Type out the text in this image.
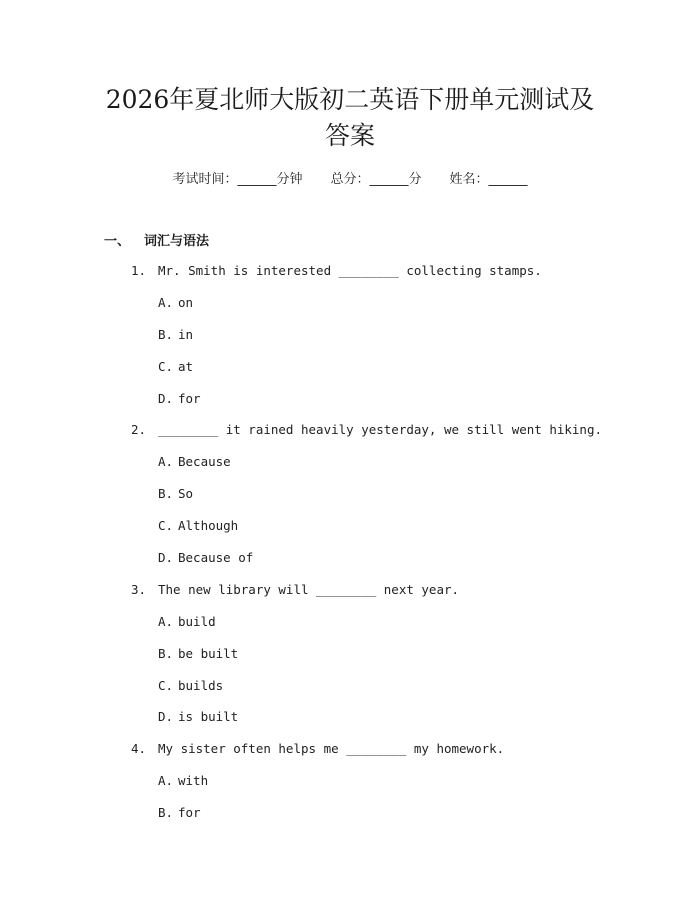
2026年夏北师大版初二英语下册单元测试及
答案
考试时间：______分钟 总分：______分 姓名：______
一、 词汇与语法
1. Mr. Smith is interested ________ collecting stamps.
A. on
B. in
C. at
D. for
2. ________ it rained heavily yesterday, we still went hiking.
A. Because
B. So
C. Although
D. Because of
3. The new library will ________ next year.
A. build
B. be built
C. builds
D. is built
4. My sister often helps me ________ my homework.
A. with
B. for
